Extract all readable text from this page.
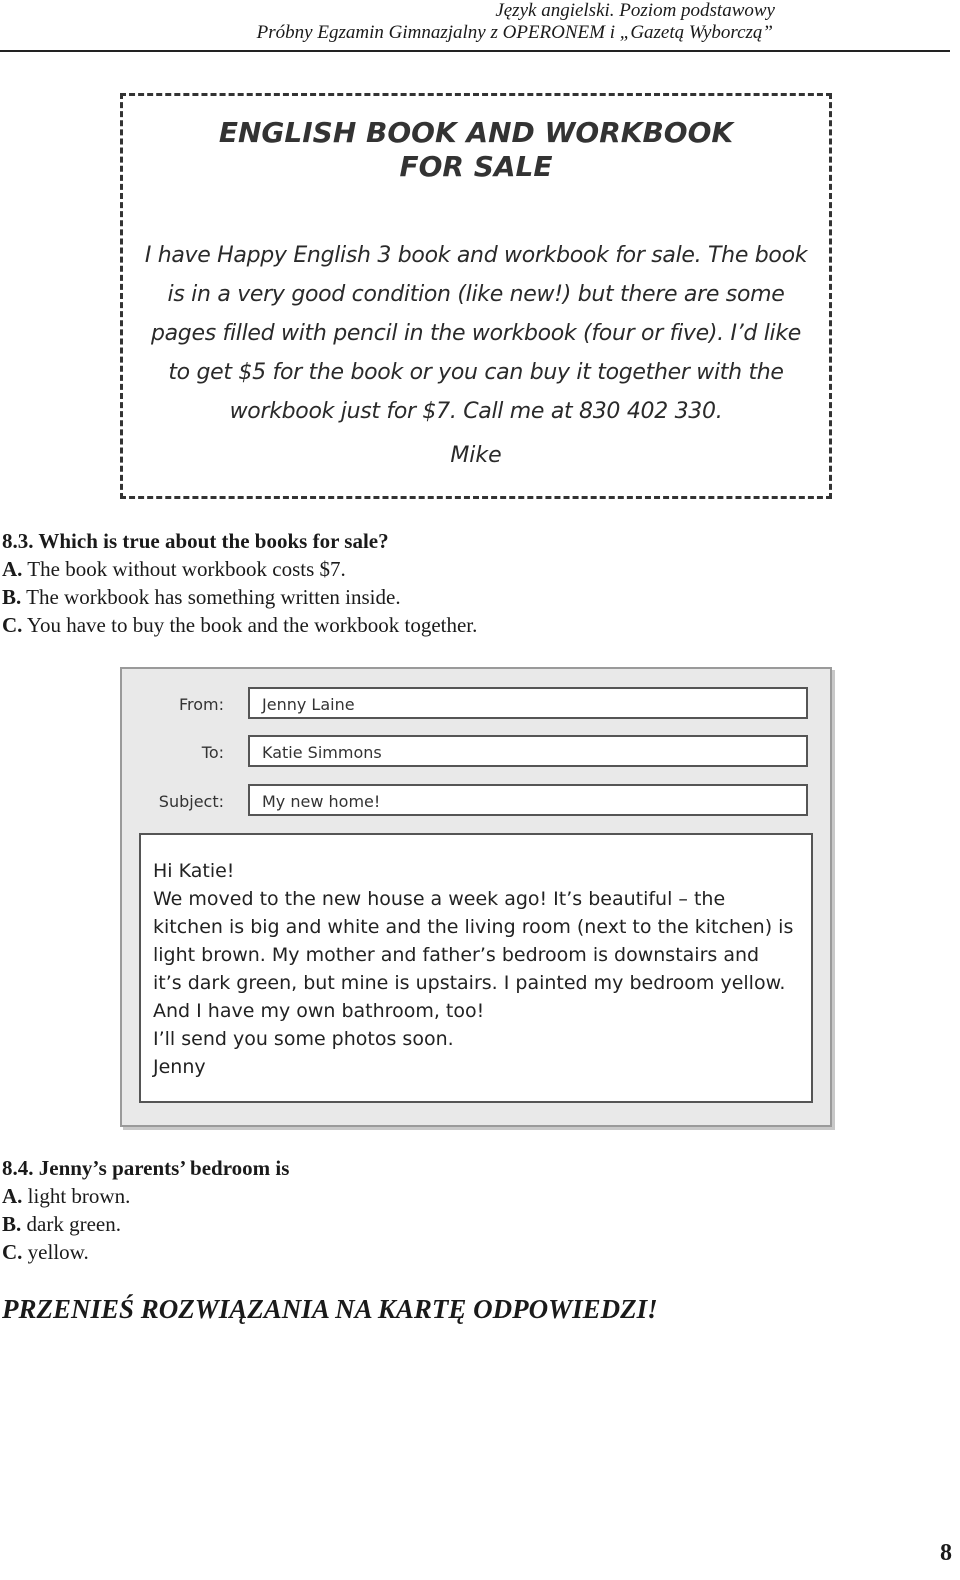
Język angielski. Poziom podstawowy
Próbny Egzamin Gimnazjalny z OPERONEM i „Gazetą Wyborczą”
ENGLISH BOOK AND WORKBOOK
FOR SALE
I have Happy English 3 book and workbook for sale. The book
is in a very good condition (like new!) but there are some
pages filled with pencil in the workbook (four or five). I’d like
to get $5 for the book or you can buy it together with the
workbook just for $7. Call me at 830 402 330.
Mike
8.3. Which is true about the books for sale?
A. The book without workbook costs $7.
B. The workbook has something written inside.
C. You have to buy the book and the workbook together.
From:	Jenny Laine
To:	Katie Simmons
Subject:	My new home!

Hi Katie!

We moved to the new house a week ago! It’s beautiful – the

kitchen is big and white and the living room (next to the kitchen) is

light brown. My mother and father’s bedroom is downstairs and

it’s dark green, but mine is upstairs. I painted my bedroom yellow.

And I have my own bathroom, too!

I’ll send you some photos soon.

Jenny

8.4. Jenny’s parents’ bedroom is
A. light brown.
B. dark green.
C. yellow.
PRZENIEŚ ROZWIĄZANIA NA KARTĘ ODPOWIEDZI!
8
